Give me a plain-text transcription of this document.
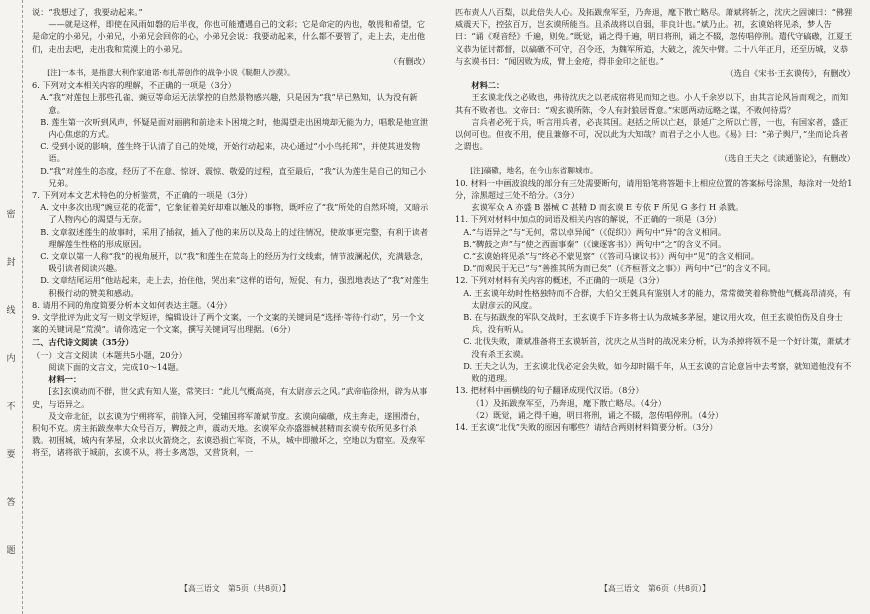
密
封
线
内
不
要
答
题

说：“我想过了，我要动起来。”

——就是这样，即使在风雨如磐的后半夜，你也可能遭遇自己的文彩；它是命定的内也，敬畏和希望，它是命定的小弟兄，小弟兄，小弟兄会回你的心，小弟兄会说：我要动起来，什么都不要管了，走上去，走出他们，走出去吧，走出我和荒漠上的小弟兄。

（有删改）

[注]一本书，是指意大利作家迪诺·布扎蒂创作的战争小说《鞑靼人沙漠》。

6. 下列对文本相关内容的理解，不正确的一项是（3分）

A.“我”对莲包上那些孔雀、豌豆等命运无法掌控的自然景物感兴趣，只是因为“我”早已熟知，认为没有新意。

B. 莲生第一次听到风声，怀疑是面对丽鹃和前途未卜困境之时，他渴望走出困境却无能为力，唱歌是他宣泄内心焦虑的方式。

C. 受到小说的影响，莲生终于认清了自己的处境，开始行动起来，决心通过“小小鸟托邦”，并使其进发物语。

D.“我”对莲生的态度，经历了不在意、惊讶、震惊、敬爱的过程，直至最后，“我”认为莲生是自己的知己小兄弟。

7. 下列对本文艺术特色的分析鉴赏，不正确的一项是（3分）

A. 文中多次出现“豌豆花的花蕾”，它象征着美好却难以触及的事物，既呼应了“我”所处的自然环境，又暗示了人物内心的渴望与无奈。

B. 文章叙述莲生的故事时，采用了插叙，插入了他的来历以及岛上的过往情况，使故事更完整，有利于读者理解莲生性格的形成原因。

C. 文章以第一人称“我”的视角展开，以“我”和莲生在荒岛上的经历为行文线索，情节波澜起伏，充满悬念，吸引读者阅读兴趣。

D. 文章结尾运用“他站起来，走上去，抬住他，哭出来”这样的语句，短促、有力，强烈地表达了“我”对莲生积极行动的赞美和感动。

8. 请用不同的角度简要分析本文如何表达主题。（4分）

9. 文学批评为此文写一则文学短评，编辑设计了两个文案，一个文案的关键词是“选择·等待·行动”，另一个文案的关键词是“荒漠”。请你选定一个文案，撰写关键词写出理据。（6分）

二、古代诗文阅读（35分）

（一）文言文阅读（本题共5小题，20分）

阅读下面的文言文，完成10～14题。

材料一：

[玄]玄谟动而不群，世父武有知人鉴，常笑曰：“此儿气概高亮，有太尉彦云之风。”武帝临徐州，辟为从事史，与语异之。

及文帝北征，以玄谟为宁朔将军，前锋入河，受辅国将军萧斌节度。玄谟向碻磝，戍主奔走，遂围滑台，积旬不克。虏主拓跋焘率大众号百万，鞞鼓之声，震动天地。玄谟军众亦盛器械甚精而玄谟专依所见多行杀戮。初围城，城内有茅屋，众求以火箭烧之，玄谟恐损亡军资，不从，城中即撤坏之，空地以为窟室。及焘军将至，诸将欲于城前，玄谟不从，将士多离怨，又营货利，一

匹布责人八百梨，以此倍失人心。及拓跋焘军至，乃奔退，麾下散亡略尽。萧斌将斩之，沈庆之固谏曰：“佛狸威震天下，控弦百万，岂玄谟所能当。且杀战将以自弱，非良计也。”斌乃止。初，玄谟始将见杀，梦人告曰：“诵《观音经》千遍，则免。”既觉，诵之得千遍，明日将刑，诵之不辍，忽传唱停刑。遣代守碻磝，江夏王义恭为征讨都督，以碻磝不可守，召令还，为魏军所追，大破之，流矢中臂。二十八年正月，还至历城，义恭与玄谟书曰：“闻因败为成，臂上金疮，得非金印之征也。”

（选自《宋书·王玄谟传》，有删改）

材料二：

王玄谟北伐之必败也，弗待沈庆之以老成宿将见而知之也。小人千余岁以下，由其言论风旨而观之，而知其有不败者也。文帝曰：“观玄谟所陈，令人有封狼居胥意。”宋愿两动远略之谋，不败何待焉？

言兵者必死于兵，听言用兵者，必丧其国。赵括之所以亡赵，景延广之所以亡晋，一也，有国家者，盛正以何可也。但夜不用，使且兼修不可，况以此为大知哉？而君子之小人也。《易》曰：“弟子舆尸，”坐而论兵者之谓也。

（选自王夫之《读通鉴论》，有删改）

[注]碻磝，地名，在今山东省聊城市。

10. 材料一中画波浪线的部分有三处需要断句，请用铅笔将答题卡上相应位置的答案标号涂黑，每涂对一处给1分，涂黑超过三处不给分。（3分）

玄谟军众 A 亦盛 B 器械 C 甚精 D 而玄谟 E 专依 F 所见 G 多行 H 杀戮。

11. 下列对材料中加点的词语及相关内容的解说，不正确的一项是（3分）

A.“与语异之”与“无何，常以卓异闻”（《促织》）两句中“异”的含义相同。

B.“鞞鼓之声”与“使之西面事秦”（《谏逐客书》）两句中“之”的含义不同。

C.“玄谟始将见杀”与“终必不蒙见察”（《答司马谏议书》）两句中“见”的含义相同。

D.“而观民于无已”与“善推其所为而已矣”（《齐桓晋文之事》）两句中“已”的含义不同。

12. 下列对材料有关内容的概述，不正确的一项是（3分）

A. 王玄谟年幼时性格独特而不合群，大伯父王蕤具有鉴别人才的能力，常常微笑着称赞他气概高昂清亮，有太尉彦云的风度。

B. 在与拓跋焘的军队交战时，王玄谟手下许多将士认为敌城多茅屋，建议用火攻，但王玄谟怕伤及自身士兵，没有听从。

C. 北伐失败，萧斌准备将王玄谟斩首，沈庆之从当时的战况来分析，认为杀掉将领不是一个好计策，萧斌才没有杀王玄谟。

D. 王夫之认为，王玄谟北伐必定会失败，如今却时隔千年，从王玄谟的言论意旨中去考察，就知道他没有不败的道理。

13. 把材料中画横线的句子翻译成现代汉语。（8分）

（1）及拓跋焘军至，乃奔退，麾下散亡略尽。（4分）

（2）既觉，诵之得千遍，明日将刑，诵之不辍，忽传唱停刑。（4分）

14. 王玄谟“北伐”失败的原因有哪些？请结合两则材料简要分析。（3分）

【高三语文　第5页（共8页）】	【高三语文　第6页（共8页）】
